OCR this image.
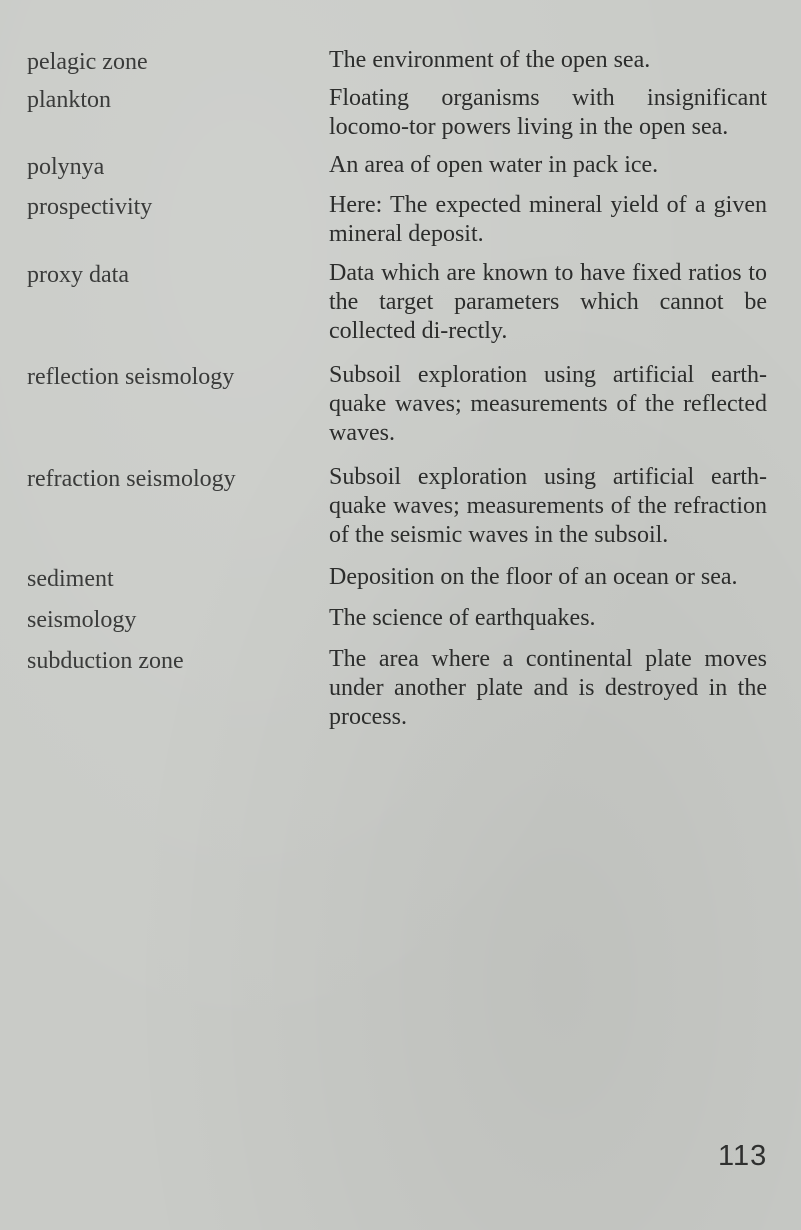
pelagic zone	The environment of the open sea.
plankton	Floating organisms with insignificant locomo-tor powers living in the open sea.
polynya	An area of open water in pack ice.
prospectivity	Here: The expected mineral yield of a given mineral deposit.
proxy data	Data which are known to have fixed ratios to the target parameters which cannot be collected di-rectly.
reflection seismology	Subsoil exploration using artificial earth-quake waves; measurements of the reflected waves.
refraction seismology	Subsoil exploration using artificial earth-quake waves; measurements of the refraction of the seismic waves in the subsoil.
sediment	Deposition on the floor of an ocean or sea.
seismology	The science of earthquakes.
subduction zone	The area where a continental plate moves under another plate and is destroyed in the process.
113
